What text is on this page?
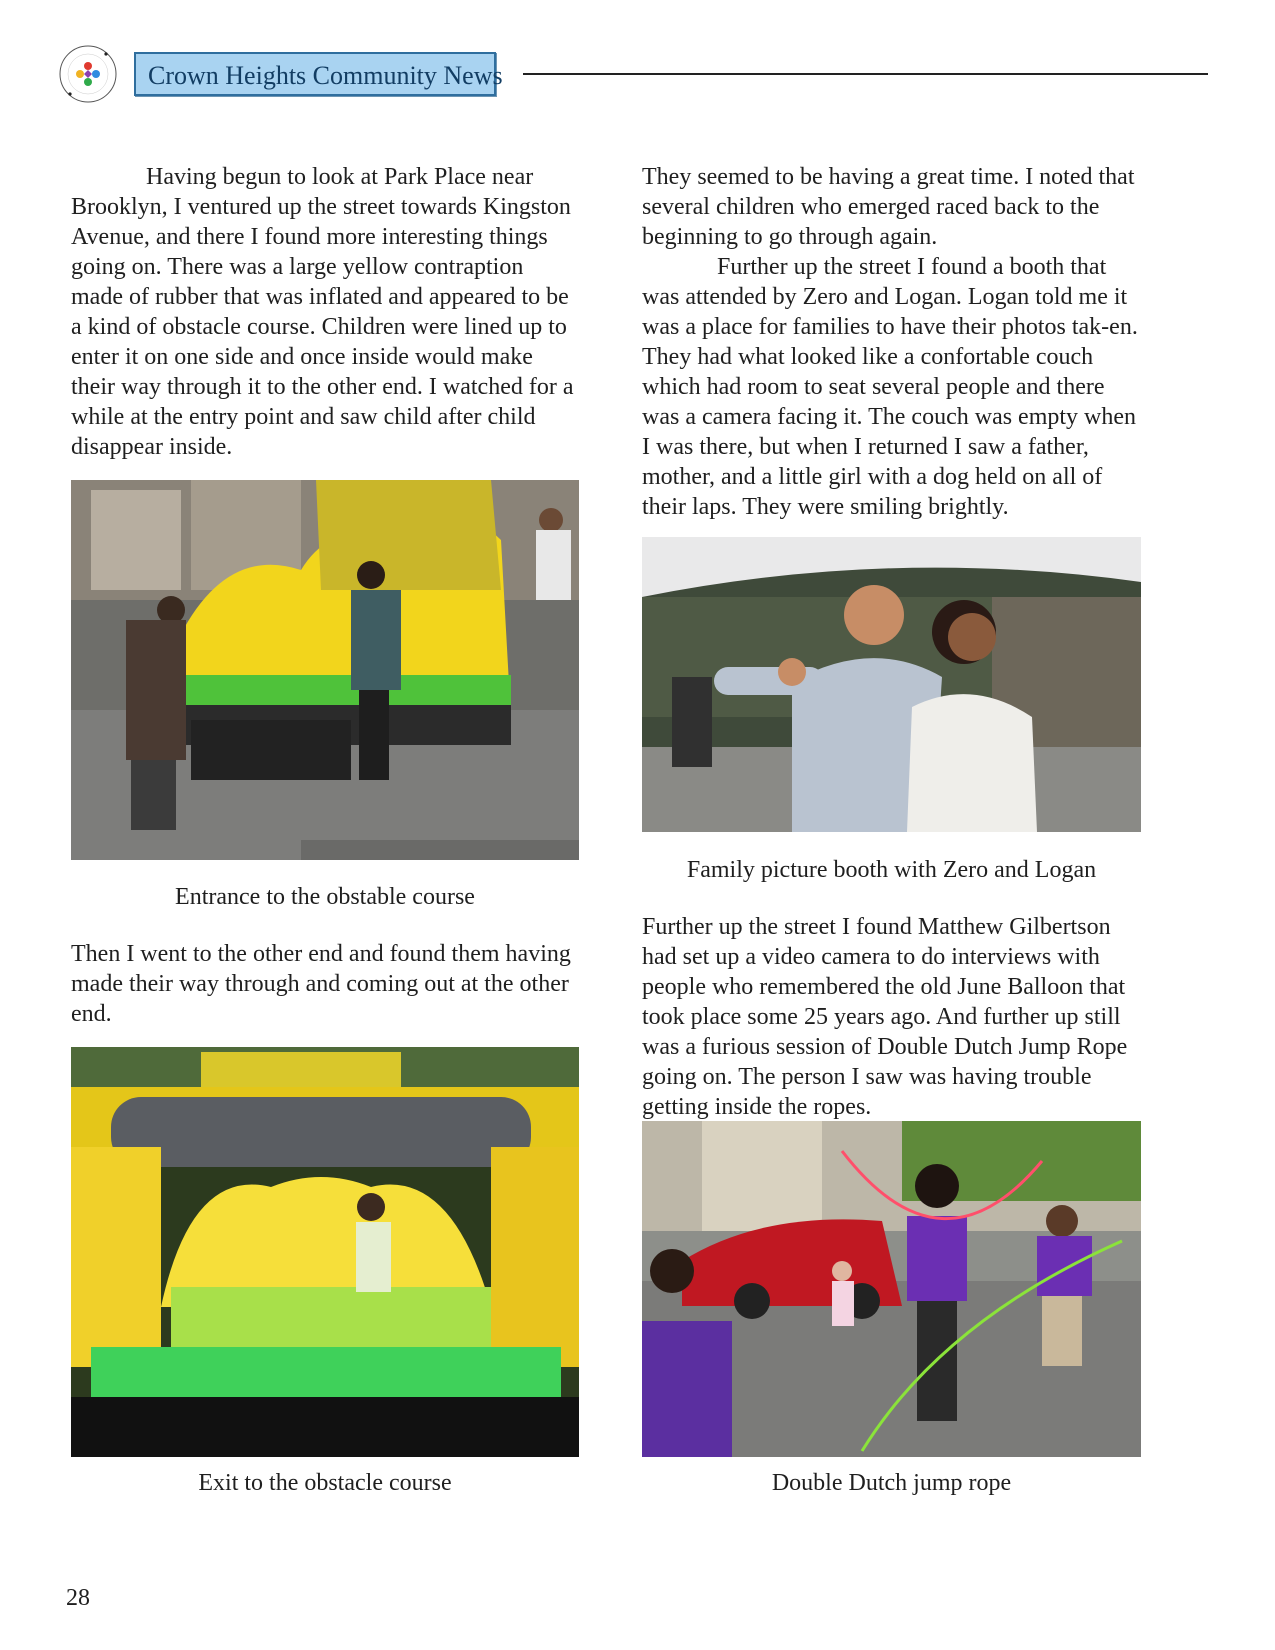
Crown Heights Community News

Having begun to look at Park Place near Brooklyn, I ventured up the street towards Kingston Avenue, and there I found more interesting things going on. There was a large yellow contraption made of rubber that was inflated and appeared to be a kind of obstacle course. Children were lined up to enter it on one side and once inside would make their way through it to the other end. I watched for a while at the entry point and saw child after child disappear inside.

Entrance to the obstable course

Then I went to the other end and found them having made their way through and coming out at the other end.

Exit to the obstacle course

They seemed to be having a great time. I noted that several children who emerged raced back to the beginning to go through again.

Further up the street I found a booth that was attended by Zero and Logan. Logan told me it was a place for families to have their photos tak-en. They had what looked like a confortable couch which had room to seat several people and there was a camera facing it. The couch was empty when I was there, but when I returned I saw a father, mother, and a little girl with a dog held on all of their laps. They were smiling brightly.

Family picture booth with Zero and Logan

Further up the street I found Matthew Gilbertson had set up a video camera to do interviews with people who remembered the old June Balloon that took place some 25 years ago. And further up still was a furious session of Double Dutch Jump Rope going on. The person I saw was having trouble getting inside the ropes.

Double Dutch jump rope
28
